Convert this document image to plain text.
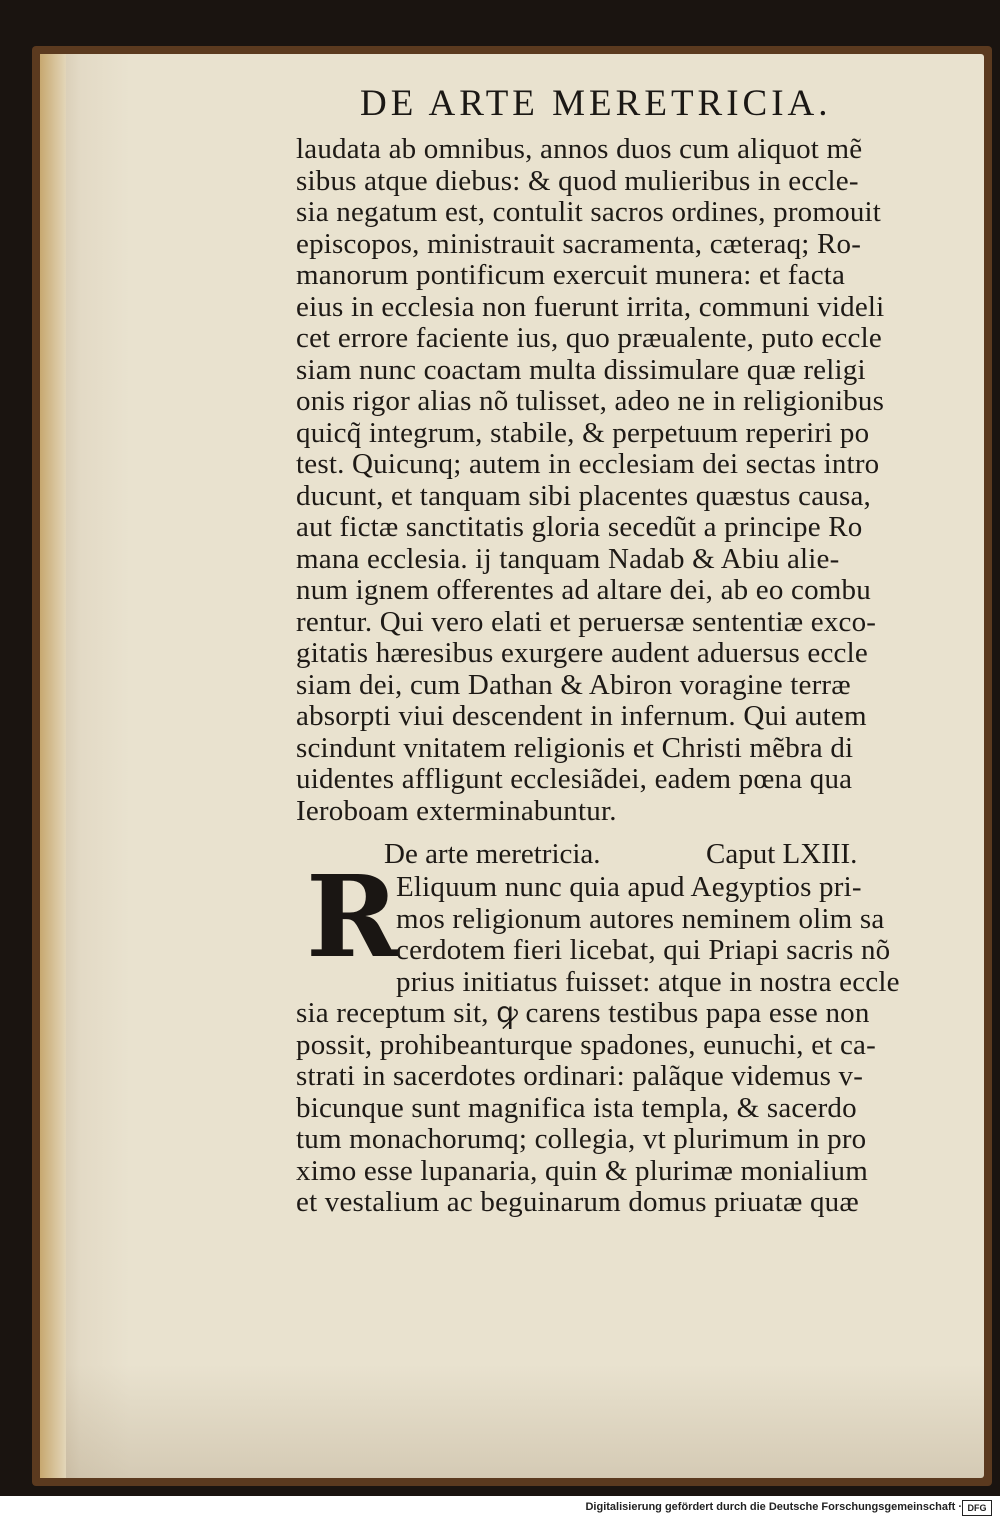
DE ARTE MERETRICIA.
laudata ab omnibus, annos duos cum aliquot mẽ
sibus atque diebus: & quod mulieribus in eccle-
sia negatum est, contulit sacros ordines, promouit
episcopos, ministrauit sacramenta, cæteraq; Ro-
manorum pontificum exercuit munera: et facta
eius in ecclesia non fuerunt irrita, communi videli
cet errore faciente ius, quo præualente, puto eccle
siam nunc coactam multa dissimulare quæ religi
onis rigor alias nõ tulisset, adeo ne in religionibus
quicq̃ integrum, stabile, & perpetuum reperiri po
test. Quicunq; autem in ecclesiam dei sectas intro
ducunt, et tanquam sibi placentes quæstus causa,
aut fictæ sanctitatis gloria secedũt a principe Ro
mana ecclesia. ij tanquam Nadab & Abiu alie-
num ignem offerentes ad altare dei, ab eo combu
rentur. Qui vero elati et peruersæ sententiæ exco-
gitatis hæresibus exurgere audent aduersus eccle
siam dei, cum Dathan & Abiron voragine terræ
absorpti viui descendent in infernum. Qui autem
scindunt vnitatem religionis et Christi mẽbra di
uidentes affligunt ecclesiãdei, eadem pœna qua
Ieroboam exterminabuntur.
De arte meretricia.	Caput LXIII.
R
Eliquum nunc quia apud Aegyptios pri-
mos religionum autores neminem olim sa
cerdotem fieri licebat, qui Priapi sacris nõ
prius initiatus fuisset: atque in nostra eccle
sia receptum sit, ꝙ carens testibus papa esse non
possit, prohibeanturque spadones, eunuchi, et ca-
strati in sacerdotes ordinari: palãque videmus v-
bicunque sunt magnifica ista templa, & sacerdo
tum monachorumq; collegia, vt plurimum in pro
ximo esse lupanaria, quin & plurimæ monialium
et vestalium ac beguinarum domus priuatæ quæ
Digitalisierung gefördert durch die Deutsche Forschungsgemeinschaft · DFG
